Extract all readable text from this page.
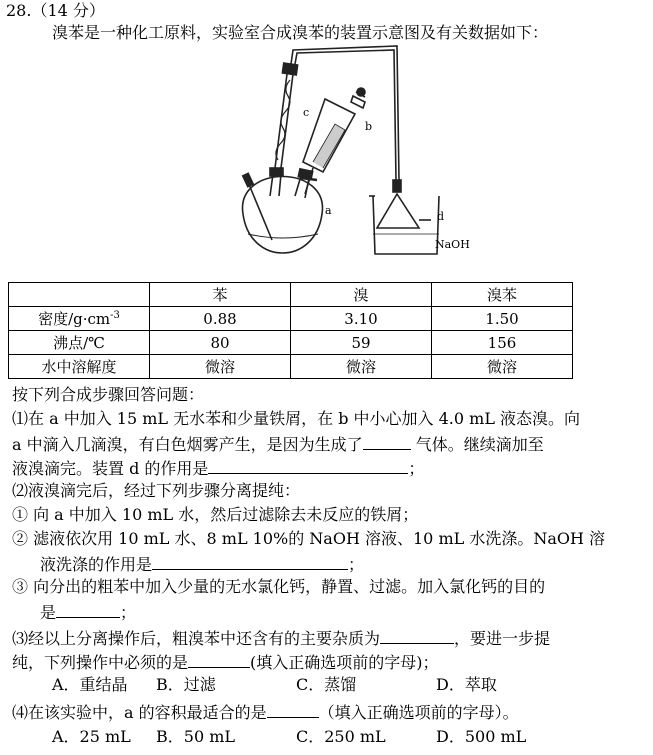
28.（14 分）
溴苯是一种化工原料，实验室合成溴苯的装置示意图及有关数据如下：
c
b
a	d
NaOH
	苯	溴	溴苯
密度$/g\cdot cm^{-3}$	0.88	3.10	1.50
沸点/℃	80	59	156
水中溶解度	微溶	微溶	微溶
按下列合成步骤回答问题：
⑴在 a 中加入 15 mL 无水苯和少量铁屑，在 b 中小心加入 4.0 mL 液态溴。向
a 中滴入几滴溴，有白色烟雾产生，是因为生成了	气体。继续滴加至
液溴滴完。装置 d 的作用是	；
⑵液溴滴完后，经过下列步骤分离提纯：
① 向 a 中加入 10 mL 水，然后过滤除去未反应的铁屑；
② 滤液依次用 10 mL 水、8 mL 10%的 NaOH 溶液、10 mL 水洗涤。NaOH 溶
液洗涤的作用是	；
③ 向分出的粗苯中加入少量的无水氯化钙，静置、过滤。加入氯化钙的目的
是	；
⑶经以上分离操作后，粗溴苯中还含有的主要杂质为	，要进一步提
纯，下列操作中必须的是	(填入正确选项前的字母)；
A．重结晶 B．过滤	C．蒸馏	D．萃取
⑷在该实验中，a 的容积最适合的是	（填入正确选项前的字母）。
A．25 mL B．50 mL	C．250 mL	D．500 mL
